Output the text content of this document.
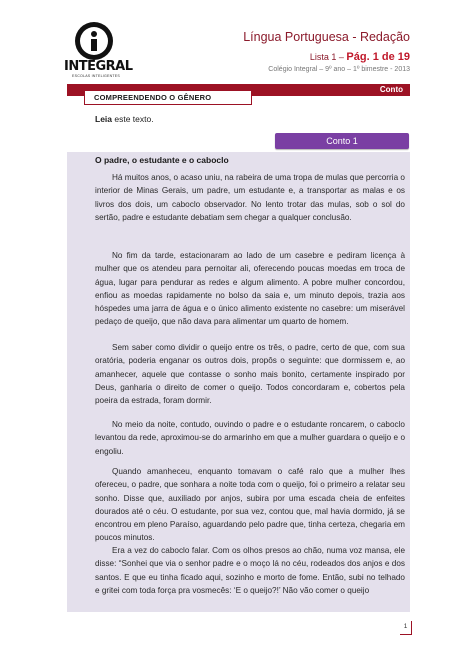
INTEGRAL
ESCOLAS INTELIGENTES
Língua Portuguesa - Redação
Lista 1 – Pág. 1 de 19
Colégio Integral – 9º ano – 1º bimestre - 2013
Conto
COMPREENDENDO O GÊNERO
Leia este texto.
Conto 1
O padre, o estudante e o caboclo

Há muitos anos, o acaso uniu, na rabeira de uma tropa de mulas que percorria o interior de Minas Gerais, um padre, um estudante e, a transportar as malas e os livros dos dois, um caboclo observador. No lento trotar das mulas, sob o sol do sertão, padre e estudante debatiam sem chegar a qualquer conclusão.

No fim da tarde, estacionaram ao lado de um casebre e pediram licença à mulher que os atendeu para pernoitar ali, oferecendo poucas moedas em troca de água, lugar para pendurar as redes e algum alimento. A pobre mulher concordou, enfiou as moedas rapidamente no bolso da saia e, um minuto depois, trazia aos hóspedes uma jarra de água e o único alimento existente no casebre: um miserável pedaço de queijo, que não dava para alimentar um quarto de homem.

Sem saber como dividir o queijo entre os três, o padre, certo de que, com sua oratória, poderia enganar os outros dois, propôs o seguinte: que dormissem e, ao amanhecer, aquele que contasse o sonho mais bonito, certamente inspirado por Deus, ganharia o direito de comer o queijo. Todos concordaram e, cobertos pela poeira da estrada, foram dormir.

No meio da noite, contudo, ouvindo o padre e o estudante roncarem, o caboclo levantou da rede, aproximou-se do armarinho em que a mulher guardara o queijo e o engoliu.

Quando amanheceu, enquanto tomavam o café ralo que a mulher lhes ofereceu, o padre, que sonhara a noite toda com o queijo, foi o primeiro a relatar seu sonho. Disse que, auxiliado por anjos, subira por uma escada cheia de enfeites dourados até o céu. O estudante, por sua vez, contou que, mal havia dormido, já se encontrou em pleno Paraíso, aguardando pelo padre que, tinha certeza, chegaria em poucos minutos.

Era a vez do caboclo falar. Com os olhos presos ao chão, numa voz mansa, ele disse: “Sonhei que via o senhor padre e o moço lá no céu, rodeados dos anjos e dos santos. E que eu tinha ficado aqui, sozinho e morto de fome. Então, subi no telhado e gritei com toda força pra vosmecês: ‘E o queijo?!’ Não vão comer o queijo

1
